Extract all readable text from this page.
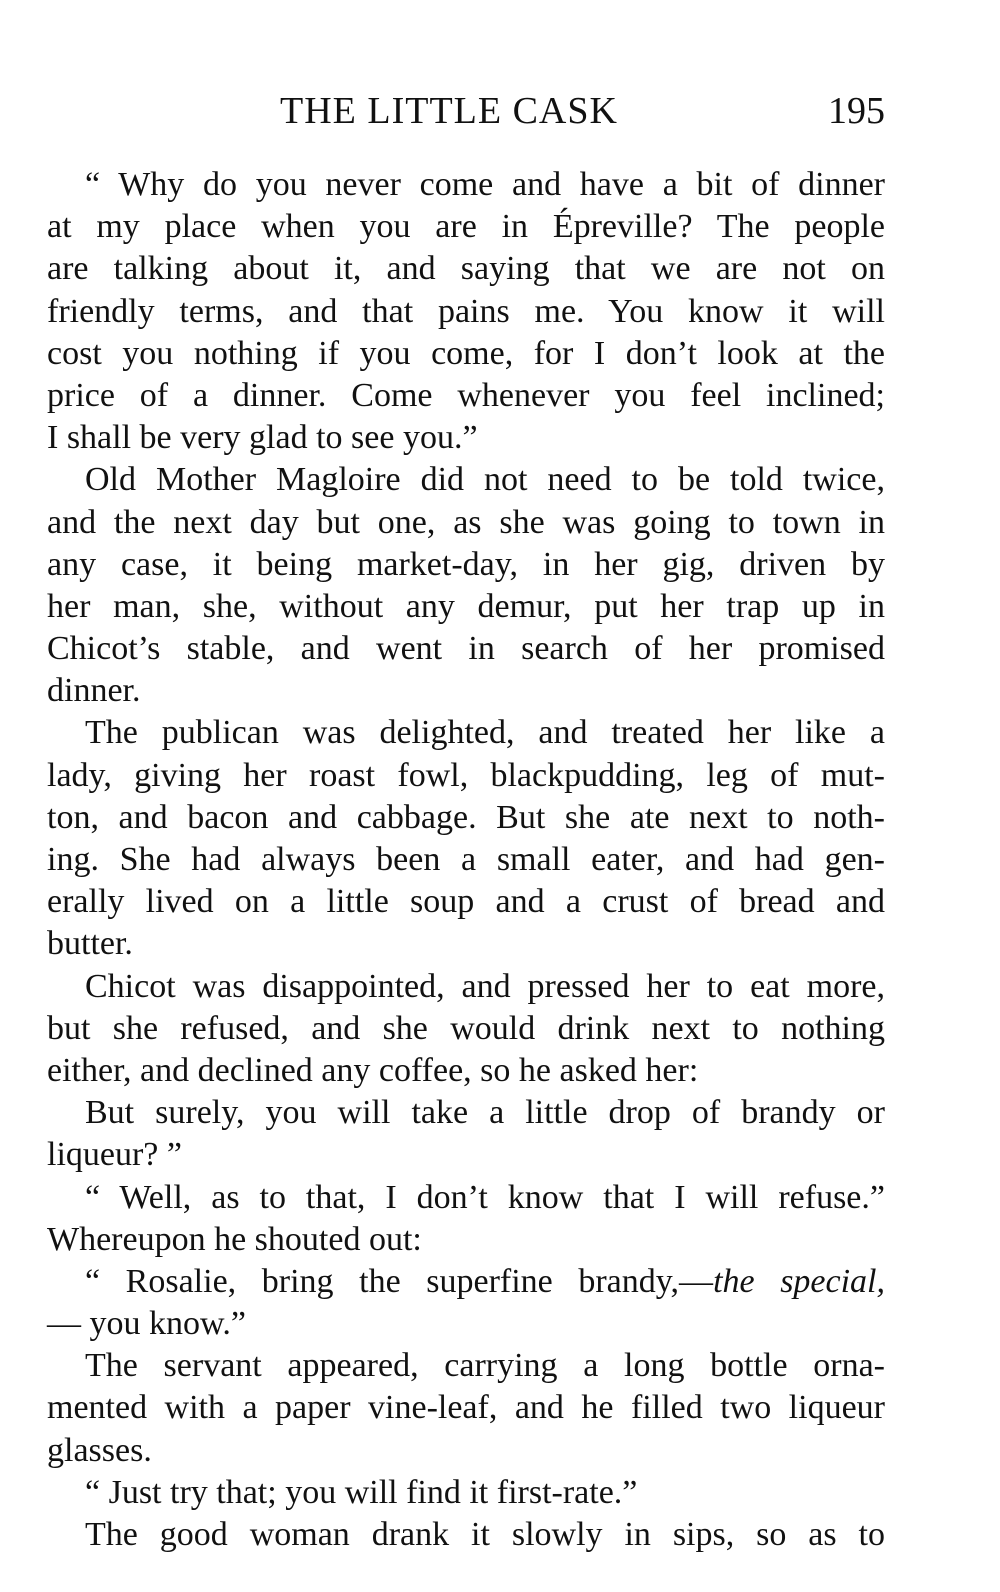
THE LITTLE CASK	195
“ Why do you never come and have a bit of dinner
at my place when you are in Épreville? The people
are talking about it, and saying that we are not on
friendly terms, and that pains me. You know it will
cost you nothing if you come, for I don’t look at the
price of a dinner. Come whenever you feel inclined;
I shall be very glad to see you.”
Old Mother Magloire did not need to be told twice,
and the next day but one, as she was going to town in
any case, it being market-day, in her gig, driven by
her man, she, without any demur, put her trap up in
Chicot’s stable, and went in search of her promised
dinner.
The publican was delighted, and treated her like a
lady, giving her roast fowl, blackpudding, leg of mut-
ton, and bacon and cabbage. But she ate next to noth-
ing. She had always been a small eater, and had gen-
erally lived on a little soup and a crust of bread and
butter.
Chicot was disappointed, and pressed her to eat more,
but she refused, and she would drink next to nothing
either, and declined any coffee, so he asked her:
But surely, you will take a little drop of brandy or
liqueur? ”
“ Well, as to that, I don’t know that I will refuse.”
Whereupon he shouted out:
“ Rosalie, bring the superfine brandy,—the special,
— you know.”
The servant appeared, carrying a long bottle orna-
mented with a paper vine-leaf, and he filled two liqueur
glasses.
“ Just try that; you will find it first-rate.”
The good woman drank it slowly in sips, so as to
